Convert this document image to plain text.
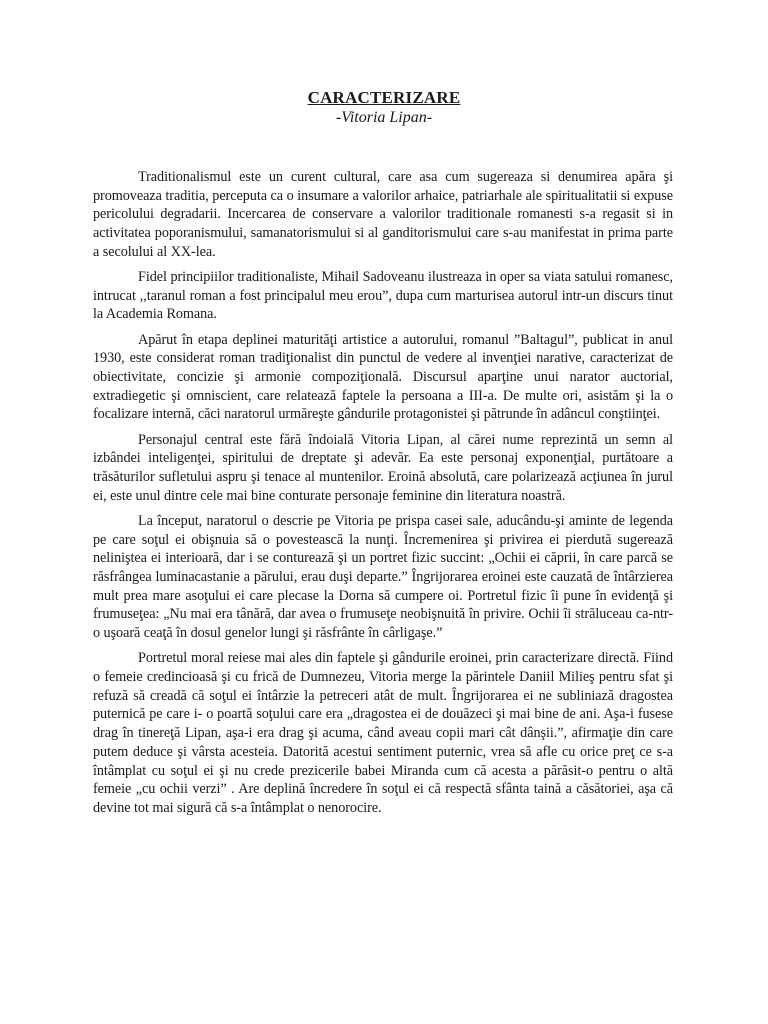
CARACTERIZARE
-Vitoria Lipan-

Traditionalismul este un curent cultural, care asa cum sugereaza si denumirea apăra şi promoveaza traditia, perceputa ca o insumare a valorilor arhaice, patriarhale ale spiritualitatii si expuse pericolului degradarii. Incercarea de conservare a valorilor traditionale romanesti s-a regasit si in activitatea poporanismului, samanatorismului si al ganditorismului care s-au manifestat in prima parte a secolului al XX-lea.

Fidel principiilor traditionaliste, Mihail Sadoveanu ilustreaza in oper sa viata satului romanesc, intrucat ,,taranul roman a fost principalul meu erou”, dupa cum marturisea autorul intr-un discurs tinut la Academia Romana.

Apărut în etapa deplinei maturităţi artistice a autorului, romanul ”Baltagul”, publicat in anul 1930, este considerat roman tradiţionalist din punctul de vedere al invenţiei narative, caracterizat de obiectivitate, concizie şi armonie compoziţională. Discursul aparţine unui narator auctorial, extradiegetic şi omniscient, care relatează faptele la persoana a III-a. De multe ori, asistăm şi la o focalizare internă, căci naratorul urmăreşte gândurile protagonistei şi pătrunde în adâncul conştiinţei.

Personajul central este fără îndoială Vitoria Lipan, al cărei nume reprezintă un semn al izbândei inteligenţei, spiritului de dreptate şi adevăr. Ea este personaj exponenţial, purtătoare a trăsăturilor sufletului aspru şi tenace al muntenilor. Eroină absolută, care polarizează acţiunea în jurul ei, este unul dintre cele mai bine conturate personaje feminine din literatura noastră.

La început, naratorul o descrie pe Vitoria pe prispa casei sale, aducându-şi aminte de legenda pe care soţul ei obişnuia să o povestească la nunţi. Încremenirea şi privirea ei pierdută sugerează neliniştea ei interioară, dar i se conturează şi un portret fizic succint: „Ochii ei căprii, în care parcă se răsfrângea luminacastanie a părului, erau duşi departe.” Îngrijorarea eroinei este cauzată de întârzierea mult prea mare asoţului ei care plecase la Dorna să cumpere oi. Portretul fizic îi pune în evidenţă şi frumuseţea: „Nu mai era tânără, dar avea o frumuseţe neobişnuită în privire. Ochii îi străluceau ca-ntr-o uşoară ceaţă în dosul genelor lungi şi răsfrânte în cârligaşe.”

Portretul moral reiese mai ales din faptele şi gândurile eroinei, prin caracterizare directă. Fiind o femeie credincioasă şi cu frică de Dumnezeu, Vitoria merge la părintele Daniil Milieş pentru sfat şi refuză să creadă că soţul ei întârzie la petreceri atât de mult. Îngrijorarea ei ne subliniază dragostea puternică pe care i- o poartă soţului care era „dragostea ei de douăzeci şi mai bine de ani. Aşa-i fusese drag în tinereţă Lipan, aşa-i era drag şi acuma, când aveau copii mari cât dânşii.”, afirmaţie din care putem deduce şi vârsta acesteia. Datorită acestui sentiment puternic, vrea să afle cu orice preţ ce s-a întâmplat cu soţul ei şi nu crede prezicerile babei Miranda cum că acesta a părăsit-o pentru o altă femeie „cu ochii verzi” . Are deplină încredere în soţul ei că respectă sfânta taină a căsătoriei, aşa că devine tot mai sigură că s-a întâmplat o nenorocire.
